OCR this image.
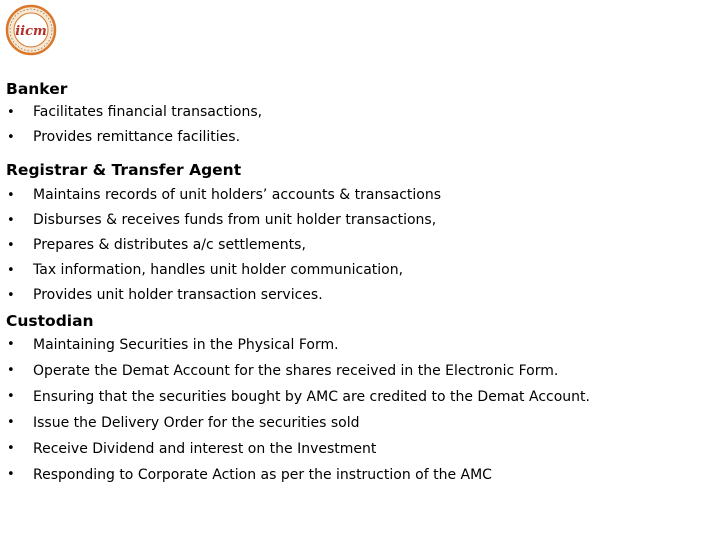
iicm

Banker

• Facilitates financial transactions,
• Provides remittance facilities.

Registrar & Transfer Agent

• Maintains records of unit holders’ accounts & transactions
• Disburses & receives funds from unit holder transactions,
• Prepares & distributes a/c settlements,
• Tax information, handles unit holder communication,
• Provides unit holder transaction services.

Custodian

• Maintaining Securities in the Physical Form.
• Operate the Demat Account for the shares received in the Electronic Form.
• Ensuring that the securities bought by AMC are credited to the Demat Account.
• Issue the Delivery Order for the securities sold
• Receive Dividend and interest on the Investment
• Responding to Corporate Action as per the instruction of the AMC
